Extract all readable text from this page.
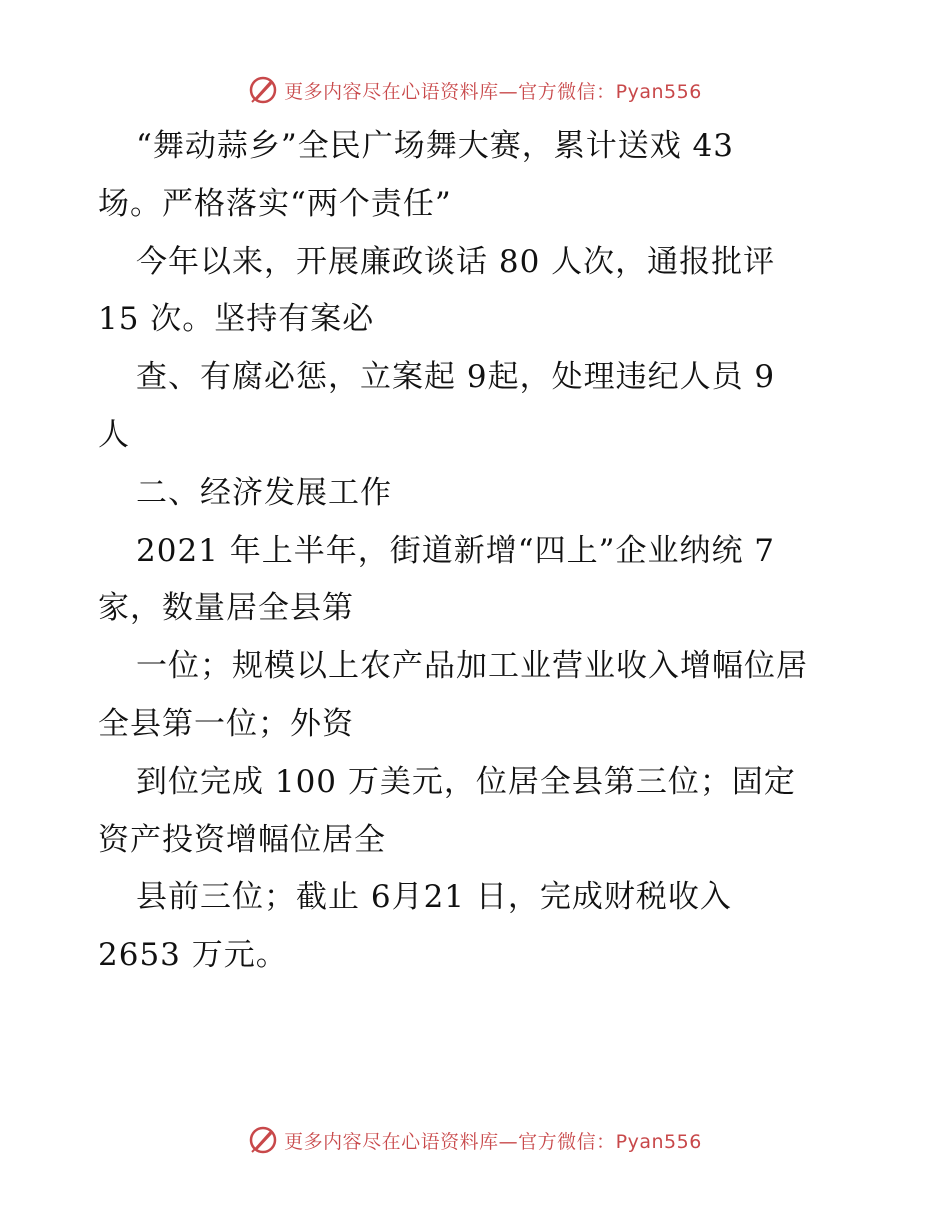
更多内容尽在心语资料库—官方微信：Pyan556
“舞动蒜乡”全民广场舞大赛，累计送戏 43
场。严格落实“两个责任”
今年以来，开展廉政谈话 80 人次，通报批评
15 次。坚持有案必
查、有腐必惩，立案起 9起，处理违纪人员 9
人
二、经济发展工作
2021 年上半年，街道新增“四上”企业纳统 7
家，数量居全县第
一位；规模以上农产品加工业营业收入增幅位居
全县第一位；外资
到位完成 100 万美元，位居全县第三位；固定
资产投资增幅位居全
县前三位；截止 6月21 日，完成财税收入
2653 万元。
更多内容尽在心语资料库—官方微信：Pyan556
